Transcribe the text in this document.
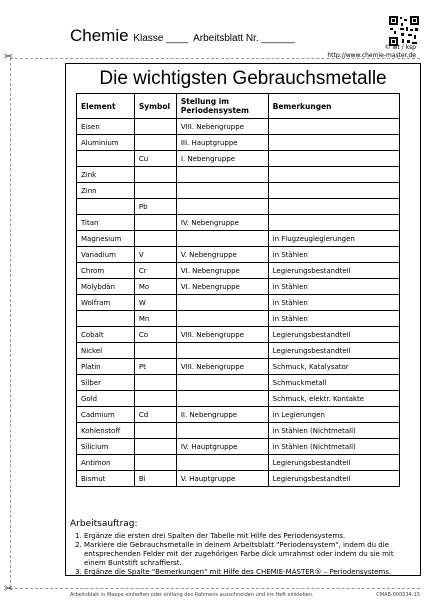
✂
✂
Chemie Klasse ____ Arbeitsblatt Nr. ______
© wt / ksp
http://www.chemie-master.de
Die wichtigsten Gebrauchsmetalle
Element	Symbol	Stellung im Periodensystem	Bemerkungen
Eisen		VIII. Nebengruppe	
Aluminium		III. Hauptgruppe	
	Cu	I. Nebengruppe	
Zink			
Zinn			
	Pb		
Titan		IV. Nebengruppe	
Magnesium			in Flugzeuglegierungen
Vanadium	V	V. Nebengruppe	in Stählen
Chrom	Cr	VI. Nebengruppe	Legierungsbestandteil
Molybdän	Mo	VI. Nebengruppe	in Stählen
Wolfram	W		in Stählen
	Mn		in Stählen
Cobalt	Co	VIII. Nebengruppe	Legierungsbestandteil
Nickel			Legierungsbestandteil
Platin	Pt	VIII. Nebengruppe	Schmuck, Katalysator
Silber			Schmuckmetall
Gold			Schmuck, elektr. Kontakte
Cadmium	Cd	II. Nebengruppe	in Legierungen
Kohlenstoff			in Stählen (Nichtmetall)
Silicium		IV. Hauptgruppe	in Stählen (Nichtmetall)
Antimon			Legierungsbestandteil
Bismut	Bi	V. Hauptgruppe	Legierungsbestandteil
Arbeitsauftrag:
1. Ergänze die ersten drei Spalten der Tabelle mit Hilfe des Periodensystems.
2. Markiere die Gebrauchsmetalle in deinem Arbeitsblatt "Periodensystem", indem du die entsprechenden Felder mit der zugehörigen Farbe dick umrahmst oder indem du sie mit einem Buntstift schraffierst.
3. Ergänze die Spalte "Bemerkungen" mit Hilfe des CHEMIE-MASTER® – Periodensystems.
Arbeitsblatt in Mappe einheften oder entlang des Rahmens ausschneiden und ins Heft einkleben.	CMAB-000034-15
